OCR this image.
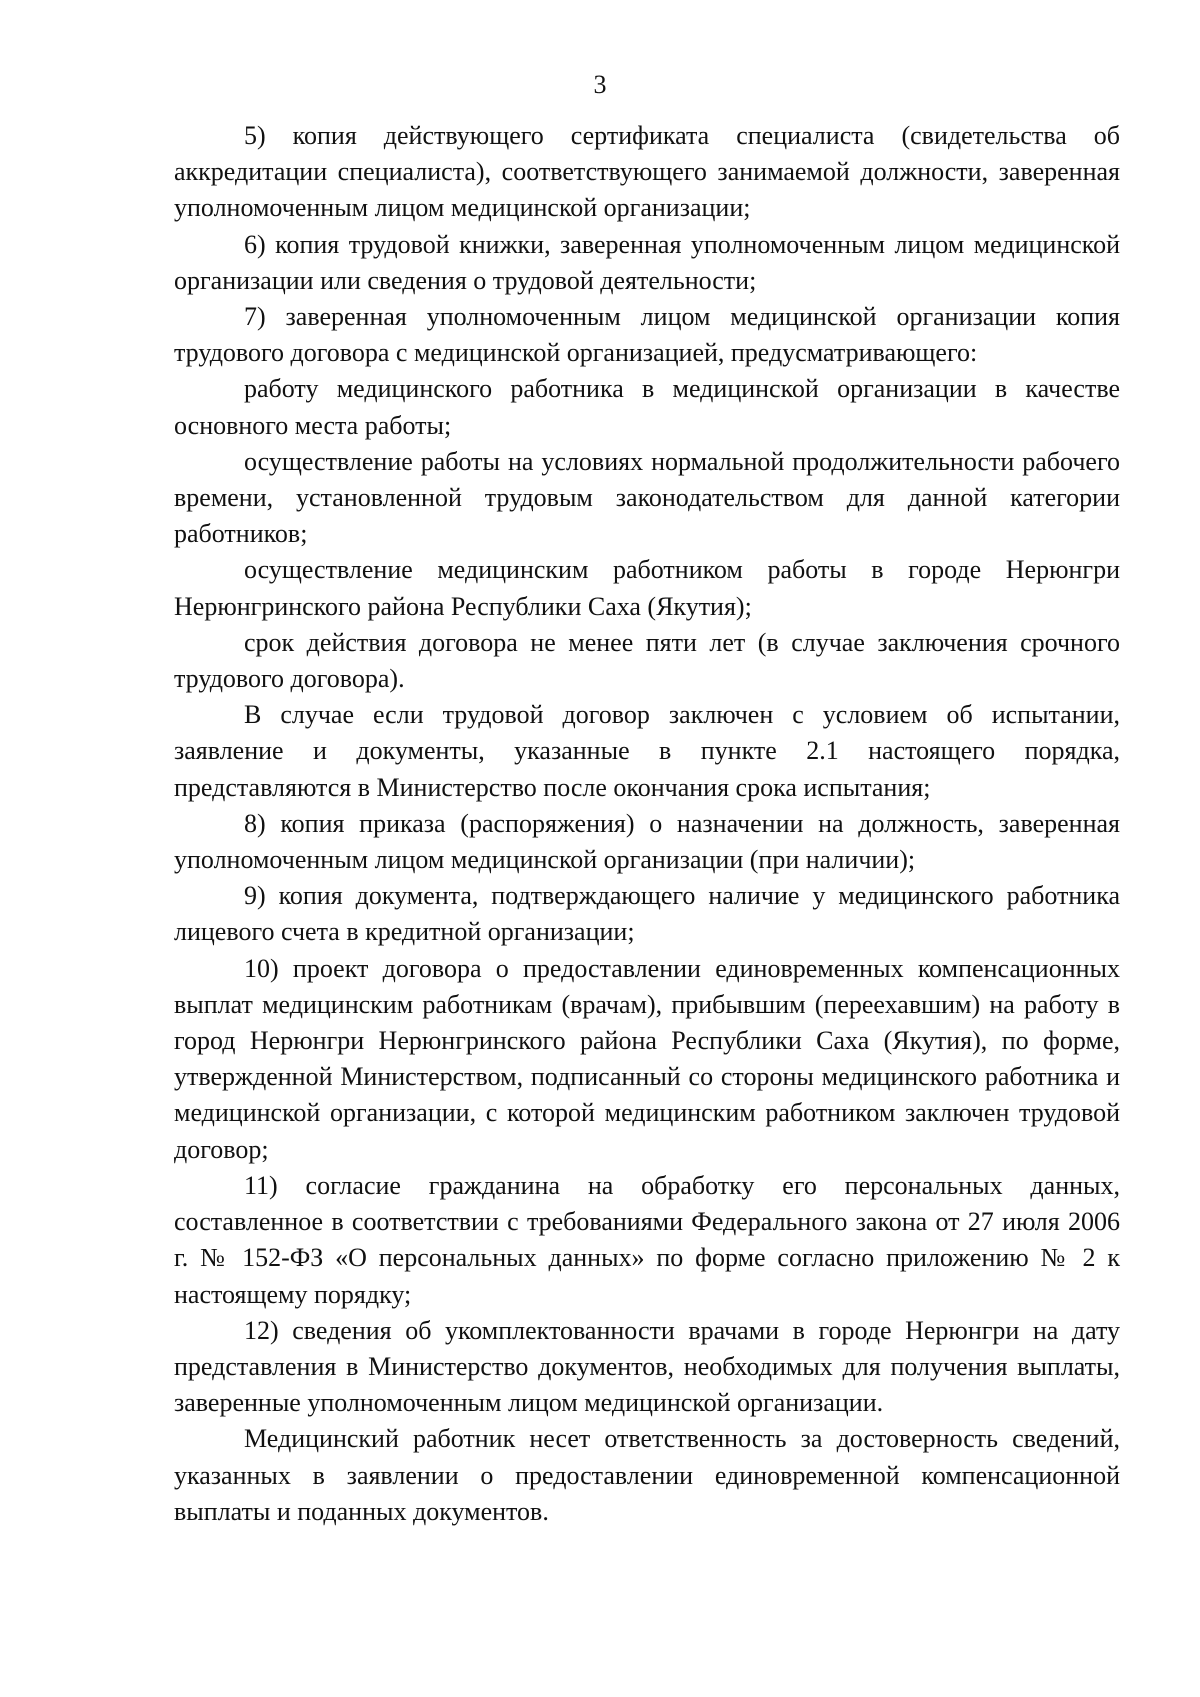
3

5) копия действующего сертификата специалиста (свидетельства об аккредитации специалиста), соответствующего занимаемой должности, заверенная уполномоченным лицом медицинской организации;

6) копия трудовой книжки, заверенная уполномоченным лицом медицинской организации или сведения о трудовой деятельности;

7) заверенная уполномоченным лицом медицинской организации копия трудового договора с медицинской организацией, предусматривающего:

работу медицинского работника в медицинской организации в качестве основного места работы;

осуществление работы на условиях нормальной продолжительности рабочего времени, установленной трудовым законодательством для данной категории работников;

осуществление медицинским работником работы в городе Нерюнгри Нерюнгринского района Республики Саха (Якутия);

срок действия договора не менее пяти лет (в случае заключения срочного трудового договора).

В случае если трудовой договор заключен с условием об испытании, заявление и документы, указанные в пункте 2.1 настоящего порядка, представляются в Министерство после окончания срока испытания;

8) копия приказа (распоряжения) о назначении на должность, заверенная уполномоченным лицом медицинской организации (при наличии);

9) копия документа, подтверждающего наличие у медицинского работника лицевого счета в кредитной организации;

10) проект договора о предоставлении единовременных компенсационных выплат медицинским работникам (врачам), прибывшим (переехавшим) на работу в город Нерюнгри Нерюнгринского района Республики Саха (Якутия), по форме, утвержденной Министерством, подписанный со стороны медицинского работника и медицинской организации, с которой медицинским работником заключен трудовой договор;

11) согласие гражданина на обработку его персональных данных, составленное в соответствии с требованиями Федерального закона от 27 июля 2006 г. № 152-ФЗ «О персональных данных» по форме согласно приложению № 2 к настоящему порядку;

12) сведения об укомплектованности врачами в городе Нерюнгри на дату представления в Министерство документов, необходимых для получения выплаты, заверенные уполномоченным лицом медицинской организации.

Медицинский работник несет ответственность за достоверность сведений, указанных в заявлении о предоставлении единовременной компенсационной выплаты и поданных документов.
